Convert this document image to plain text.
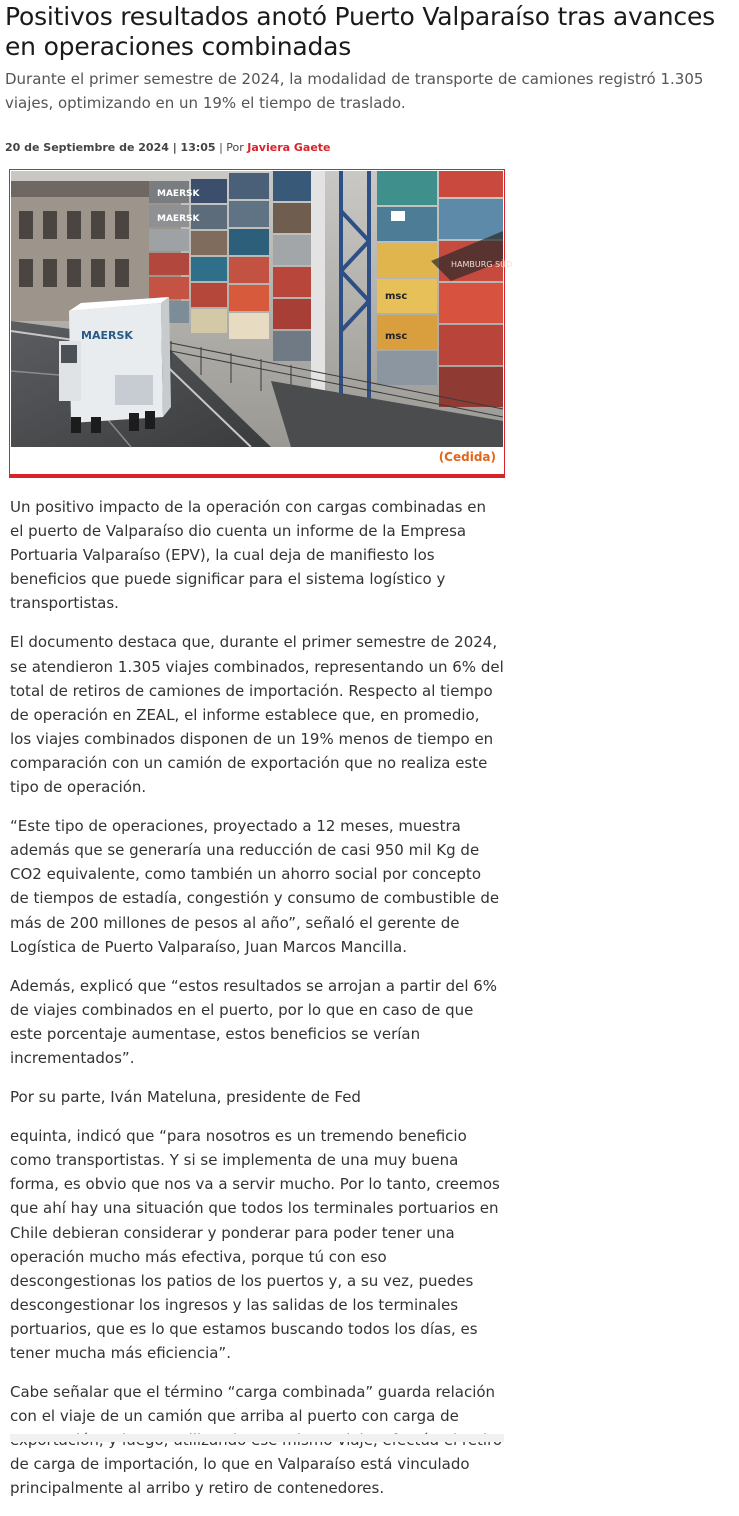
Positivos resultados anotó Puerto Valparaíso tras avances en operaciones combinadas

Durante el primer semestre de 2024, la modalidad de transporte de camiones registró 1.305 viajes, optimizando en un 19% el tiempo de traslado.

20 de Septiembre de 2024 | 13:05 | Por Javiera Gaete
MAERSK
MAERSK
MAERSK
HAMBURG SÜD
msc
msc
(Cedida)

Un positivo impacto de la operación con cargas combinadas en el puerto de Valparaíso dio cuenta un informe de la Empresa Portuaria Valparaíso (EPV), la cual deja de manifiesto los beneficios que puede significar para el sistema logístico y transportistas.

El documento destaca que, durante el primer semestre de 2024, se atendieron 1.305 viajes combinados, representando un 6% del total de retiros de camiones de importación. Respecto al tiempo de operación en ZEAL, el informe establece que, en promedio, los viajes combinados disponen de un 19% menos de tiempo en comparación con un camión de exportación que no realiza este tipo de operación.

“Este tipo de operaciones, proyectado a 12 meses, muestra además que se generaría una reducción de casi 950 mil Kg de CO2 equivalente, como también un ahorro social por concepto de tiempos de estadía, congestión y consumo de combustible de más de 200 millones de pesos al año”, señaló el gerente de Logística de Puerto Valparaíso, Juan Marcos Mancilla.

Además, explicó que “estos resultados se arrojan a partir del 6% de viajes combinados en el puerto, por lo que en caso de que este porcentaje aumentase, estos beneficios se verían incrementados”.

Por su parte, Iván Mateluna, presidente de Fed

equinta, indicó que “para nosotros es un tremendo beneficio como transportistas. Y si se implementa de una muy buena forma, es obvio que nos va a servir mucho. Por lo tanto, creemos que ahí hay una situación que todos los terminales portuarios en Chile debieran considerar y ponderar para poder tener una operación mucho más efectiva, porque tú con eso descongestionas los patios de los puertos y, a su vez, puedes descongestionar los ingresos y las salidas de los terminales portuarios, que es lo que estamos buscando todos los días, es tener mucha más eficiencia”.

Cabe señalar que el término “carga combinada” guarda relación con el viaje de un camión que arriba al puerto con carga de de carga de importación, lo que en Valparaíso está vinculado principalmente al arribo y retiro de contenedores.
